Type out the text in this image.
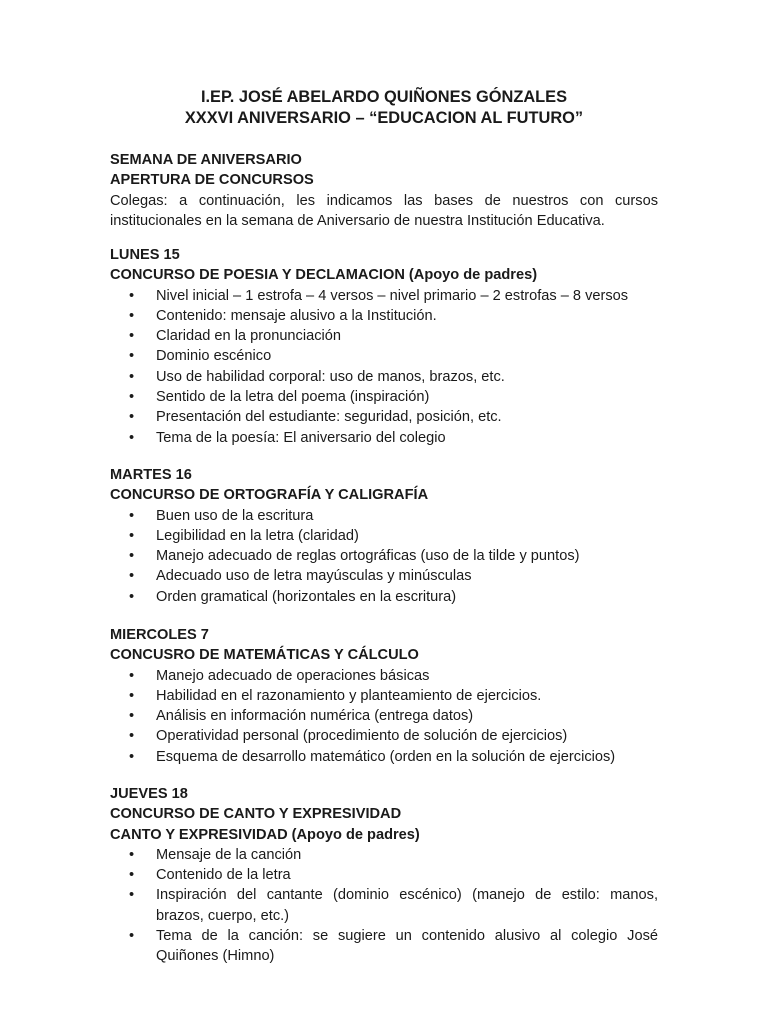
I.EP. JOSÉ ABELARDO QUIÑONES GÓNZALES
XXXVI ANIVERSARIO – “EDUCACION AL FUTURO”

SEMANA DE ANIVERSARIO

APERTURA DE CONCURSOS

Colegas: a continuación, les indicamos las bases de nuestros con cursos institucionales en la semana de Aniversario de nuestra Institución Educativa.

LUNES 15

CONCURSO DE POESIA Y DECLAMACION (Apoyo de padres)

• Nivel inicial – 1 estrofa – 4 versos – nivel primario – 2 estrofas – 8 versos
• Contenido: mensaje alusivo a la Institución.
• Claridad en la pronunciación
• Dominio escénico
• Uso de habilidad corporal: uso de manos, brazos, etc.
• Sentido de la letra del poema (inspiración)
• Presentación del estudiante: seguridad, posición, etc.
• Tema de la poesía: El aniversario del colegio

MARTES 16

CONCURSO DE ORTOGRAFÍA Y CALIGRAFÍA

• Buen uso de la escritura
• Legibilidad en la letra (claridad)
• Manejo adecuado de reglas ortográficas (uso de la tilde y puntos)
• Adecuado uso de letra mayúsculas y minúsculas
• Orden gramatical (horizontales en la escritura)

MIERCOLES 7

CONCUSRO DE MATEMÁTICAS Y CÁLCULO

• Manejo adecuado de operaciones básicas
• Habilidad en el razonamiento y planteamiento de ejercicios.
• Análisis en información numérica (entrega datos)
• Operatividad personal (procedimiento de solución de ejercicios)
• Esquema de desarrollo matemático (orden en la solución de ejercicios)

JUEVES 18

CONCURSO DE CANTO Y EXPRESIVIDAD

CANTO Y EXPRESIVIDAD (Apoyo de padres)

• Mensaje de la canción
• Contenido de la letra
• Inspiración del cantante (dominio escénico) (manejo de estilo: manos, brazos, cuerpo, etc.)
• Tema de la canción: se sugiere un contenido alusivo al colegio José Quiñones (Himno)
